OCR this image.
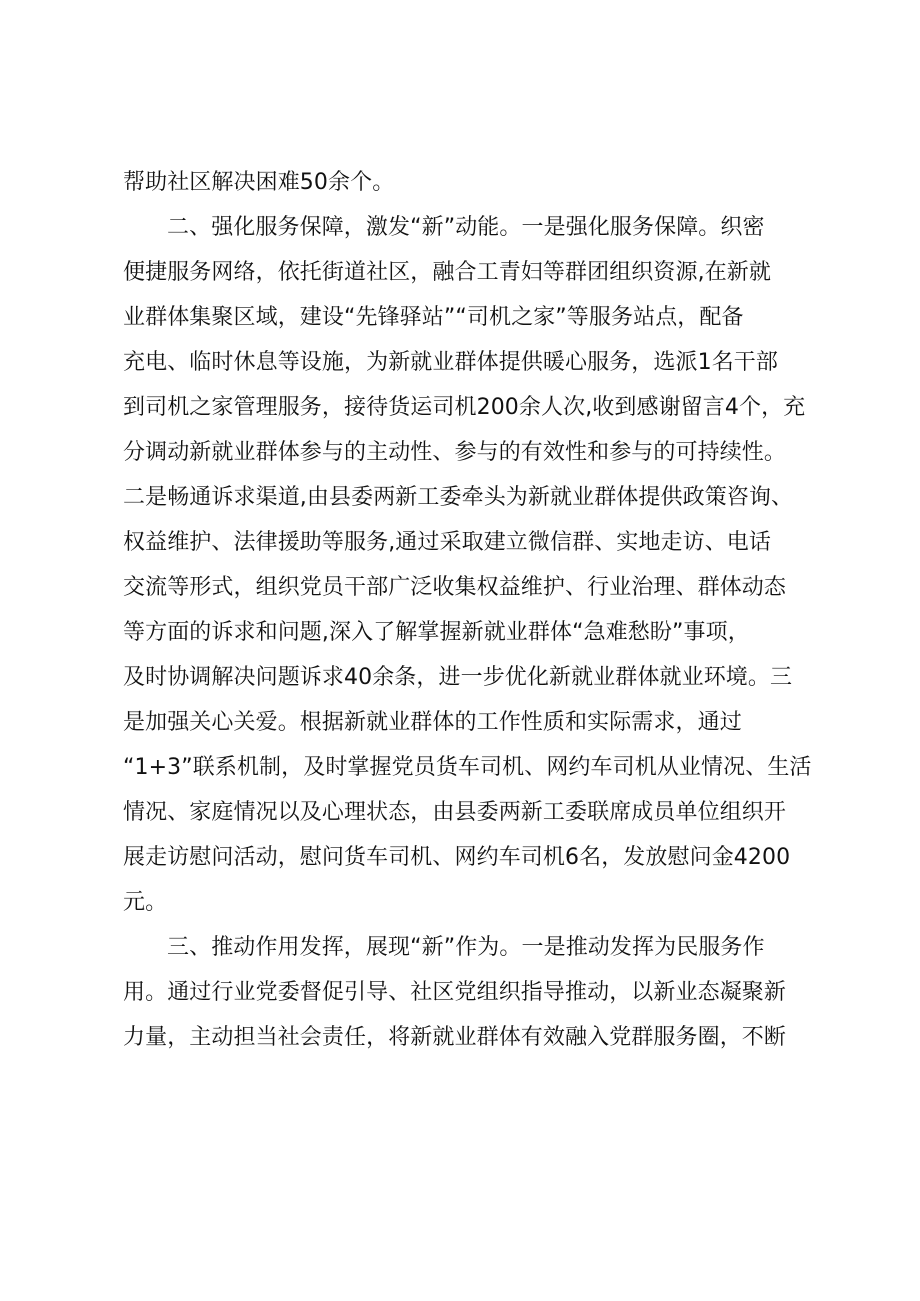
帮助社区解决困难50余个。
二、强化服务保障，激发“新”动能。一是强化服务保障。织密
便捷服务网络，依托街道社区，融合工青妇等群团组织资源,在新就
业群体集聚区域，建设“先锋驿站”“司机之家”等服务站点，配备
充电、临时休息等设施，为新就业群体提供暖心服务，选派1名干部
到司机之家管理服务，接待货运司机200余人次,收到感谢留言4个，充
分调动新就业群体参与的主动性、参与的有效性和参与的可持续性。
二是畅通诉求渠道,由县委两新工委牵头为新就业群体提供政策咨询、
权益维护、法律援助等服务,通过采取建立微信群、实地走访、电话
交流等形式，组织党员干部广泛收集权益维护、行业治理、群体动态
等方面的诉求和问题,深入了解掌握新就业群体“急难愁盼”事项，
及时协调解决问题诉求40余条，进一步优化新就业群体就业环境。三
是加强关心关爱。根据新就业群体的工作性质和实际需求，通过
“1+3”联系机制，及时掌握党员货车司机、网约车司机从业情况、生活
情况、家庭情况以及心理状态，由县委两新工委联席成员单位组织开
展走访慰问活动，慰问货车司机、网约车司机6名，发放慰问金4200
元。
三、推动作用发挥，展现“新”作为。一是推动发挥为民服务作
用。通过行业党委督促引导、社区党组织指导推动，以新业态凝聚新
力量，主动担当社会责任，将新就业群体有效融入党群服务圈，不断
